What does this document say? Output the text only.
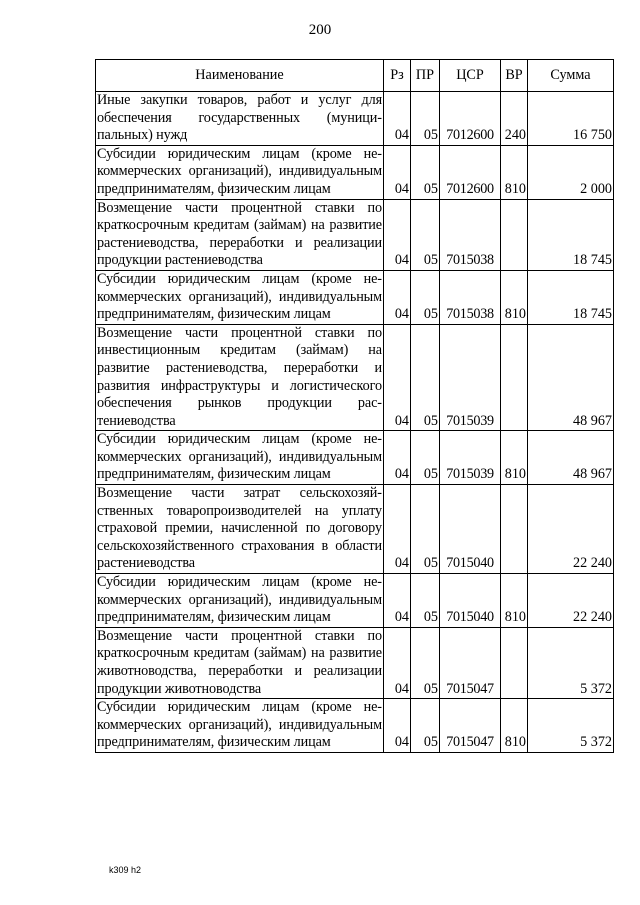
200
Наименование	Рз	ПР	ЦСР	ВР	Сумма
Иные закупки товаров, работ и услуг для обеспечения государственных (муниципальных) нужд	04	05	7012600	240	16 750
Субсидии юридическим лицам (кроме некоммерческих организаций), индивидуальным предпринимателям, физическим лицам	04	05	7012600	810	2 000
Возмещение части процентной ставки по краткосрочным кредитам (займам) на развитие растениеводства, переработки и реализации продукции растениеводства	04	05	7015038		18 745
Субсидии юридическим лицам (кроме некоммерческих организаций), индивидуальным предпринимателям, физическим лицам	04	05	7015038	810	18 745
Возмещение части процентной ставки по инвестиционным кредитам (займам) на развитие растениеводства, переработки и развития инфраструктуры и логистического обеспечения рынков продукции растениеводства	04	05	7015039		48 967
Субсидии юридическим лицам (кроме некоммерческих организаций), индивидуальным предпринимателям, физическим лицам	04	05	7015039	810	48 967
Возмещение части затрат сельскохозяйственных товаропроизводителей на уплату страховой премии, начисленной по договору сельскохозяйственного страхования в области растениеводства	04	05	7015040		22 240
Субсидии юридическим лицам (кроме некоммерческих организаций), индивидуальным предпринимателям, физическим лицам	04	05	7015040	810	22 240
Возмещение части процентной ставки по краткосрочным кредитам (займам) на развитие животноводства, переработки и реализации продукции животноводства	04	05	7015047		5 372
Субсидии юридическим лицам (кроме некоммерческих организаций), индивидуальным предпринимателям, физическим лицам	04	05	7015047	810	5 372
k309 h2
